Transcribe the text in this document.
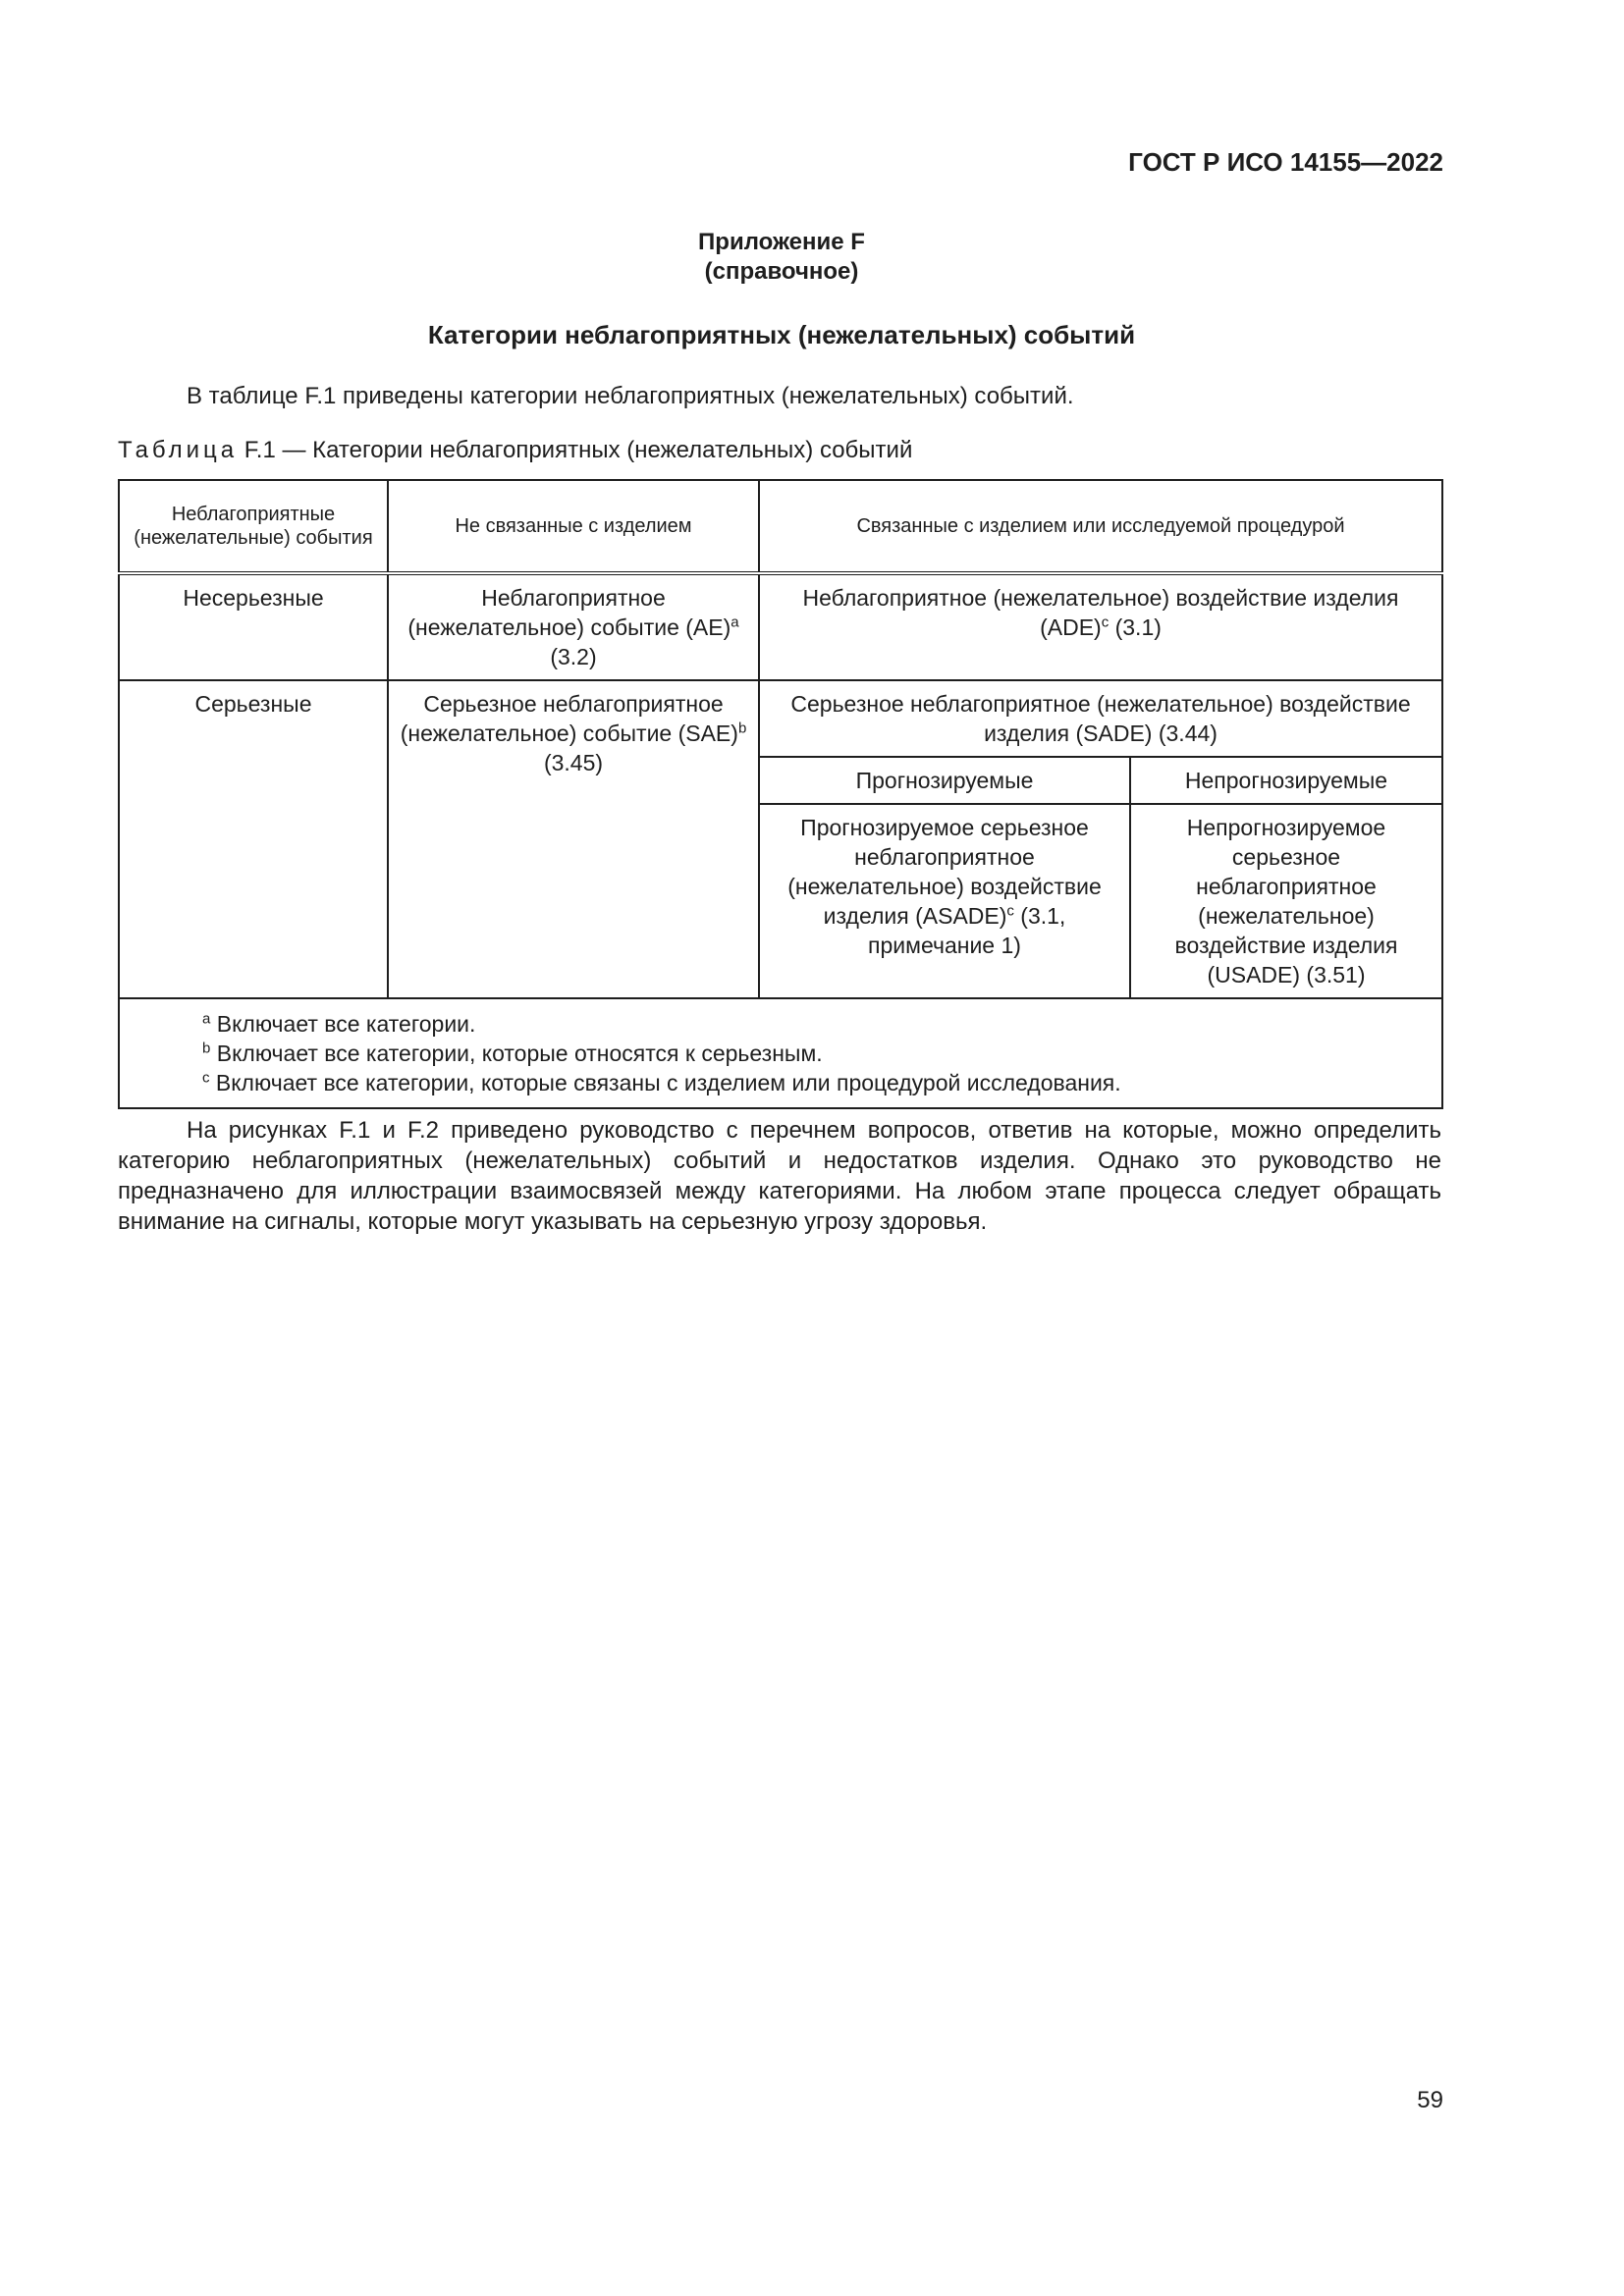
ГОСТ Р ИСО 14155—2022
Приложение F
(справочное)
Категории неблагоприятных (нежелательных) событий
В таблице F.1 приведены категории неблагоприятных (нежелательных) событий.
Таблица F.1 — Категории неблагоприятных (нежелательных) событий
Неблагоприятные (нежелательные) события	Не связанные с изделием	Связанные с изделием или исследуемой процедурой	
Несерьезные	Неблагоприятное (нежелательное) событие (AE)$^a$ (3.2)	Неблагоприятное (нежелательное) воздействие изделия (ADE)$^c$ (3.1)	
Серьезные	Серьезное неблагоприятное (нежелательное) событие (SAE)$^b$ (3.45)	Серьезное неблагоприятное (нежелательное) воздействие изделия (SADE) (3.44)	
		Прогнозируемые	Непрогнозируемые
		Прогнозируемое серьезное неблагоприятное (нежелательное) воздействие изделия (ASADE)$^c$ (3.1, примечание 1)	Непрогнозируемое серьезное неблагоприятное (нежелательное) воздействие изделия (USADE) (3.51)

$^a$ Включает все категории.
$^b$ Включает все категории, которые относятся к серьезным.
$^c$ Включает все категории, которые связаны с изделием или процедурой исследования.			
На рисунках F.1 и F.2 приведено руководство с перечнем вопросов, ответив на которые, можно определить категорию неблагоприятных (нежелательных) событий и недостатков изделия. Однако это руководство не предназначено для иллюстрации взаимосвязей между категориями. На любом этапе процесса следует обращать внимание на сигналы, которые могут указывать на серьезную угрозу здоровья.
59
